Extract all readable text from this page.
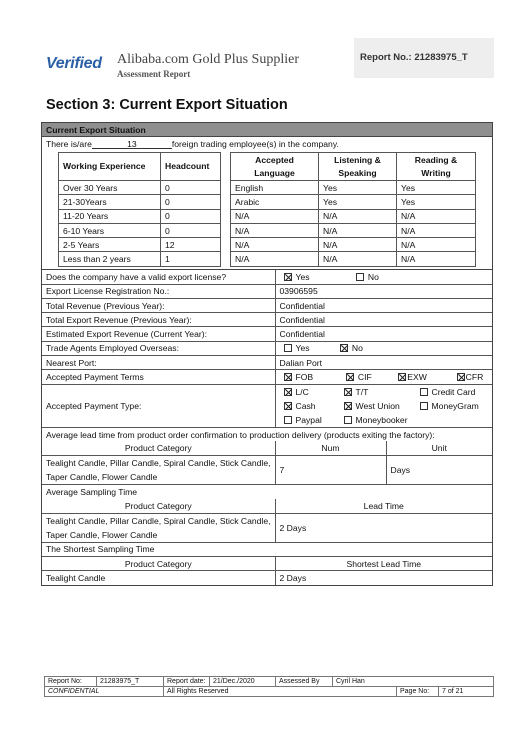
Verified Alibaba.com Gold Plus Supplier
Assessment Report
Report No.: 21283975_T
Section 3: Current Export Situation
Current Export Situation
There is/are	13	foreign trading employee(s) in the company.
Working Experience	Headcount
Over 30 Years	0
21-30Years	0
11-20 Years	0
6-10 Years	0
2-5 Years	12
Less than 2 years	1
Accepted Language	Listening & Speaking	Reading & Writing
English	Yes	Yes
Arabic	Yes	Yes
N/A	N/A	N/A
N/A	N/A	N/A
N/A	N/A	N/A
N/A	N/A	N/A
Does the company have a valid export license?	Yes No
Export License Registration No.:	03906595
Total Revenue (Previous Year):	Confidential
Total Export Revenue (Previous Year):	Confidential
Estimated Export Revenue (Current Year):	Confidential
Trade Agents Employed Overseas:	Yes No
Nearest Port:	Dalian Port
Accepted Payment Terms	FOB CIF EXW CFR
Accepted Payment Type:	L/C T/T Credit Card
Cash West Union MoneyGram
Paypal Moneybooker

Average lead time from product order confirmation to production delivery (products exiting the factory):	
Product Category	Num	Unit
Tealight Candle, Pillar Candle, Spiral Candle, Stick Candle, Taper Candle, Flower Candle	7	Days
Average Sampling Time		
Product Category	Lead Time
Tealight Candle, Pillar Candle, Spiral Candle, Stick Candle, Taper Candle, Flower Candle	2 Days
The Shortest Sampling Time	
Product Category	Shortest Lead Time
Tealight Candle	2 Days
Report No:	21283975_T	Report date:	21/Dec./2020	Assessed By	Cyril Han		
CONFIDENTIAL		All Rights Reserved				Page No:	7 of 21
